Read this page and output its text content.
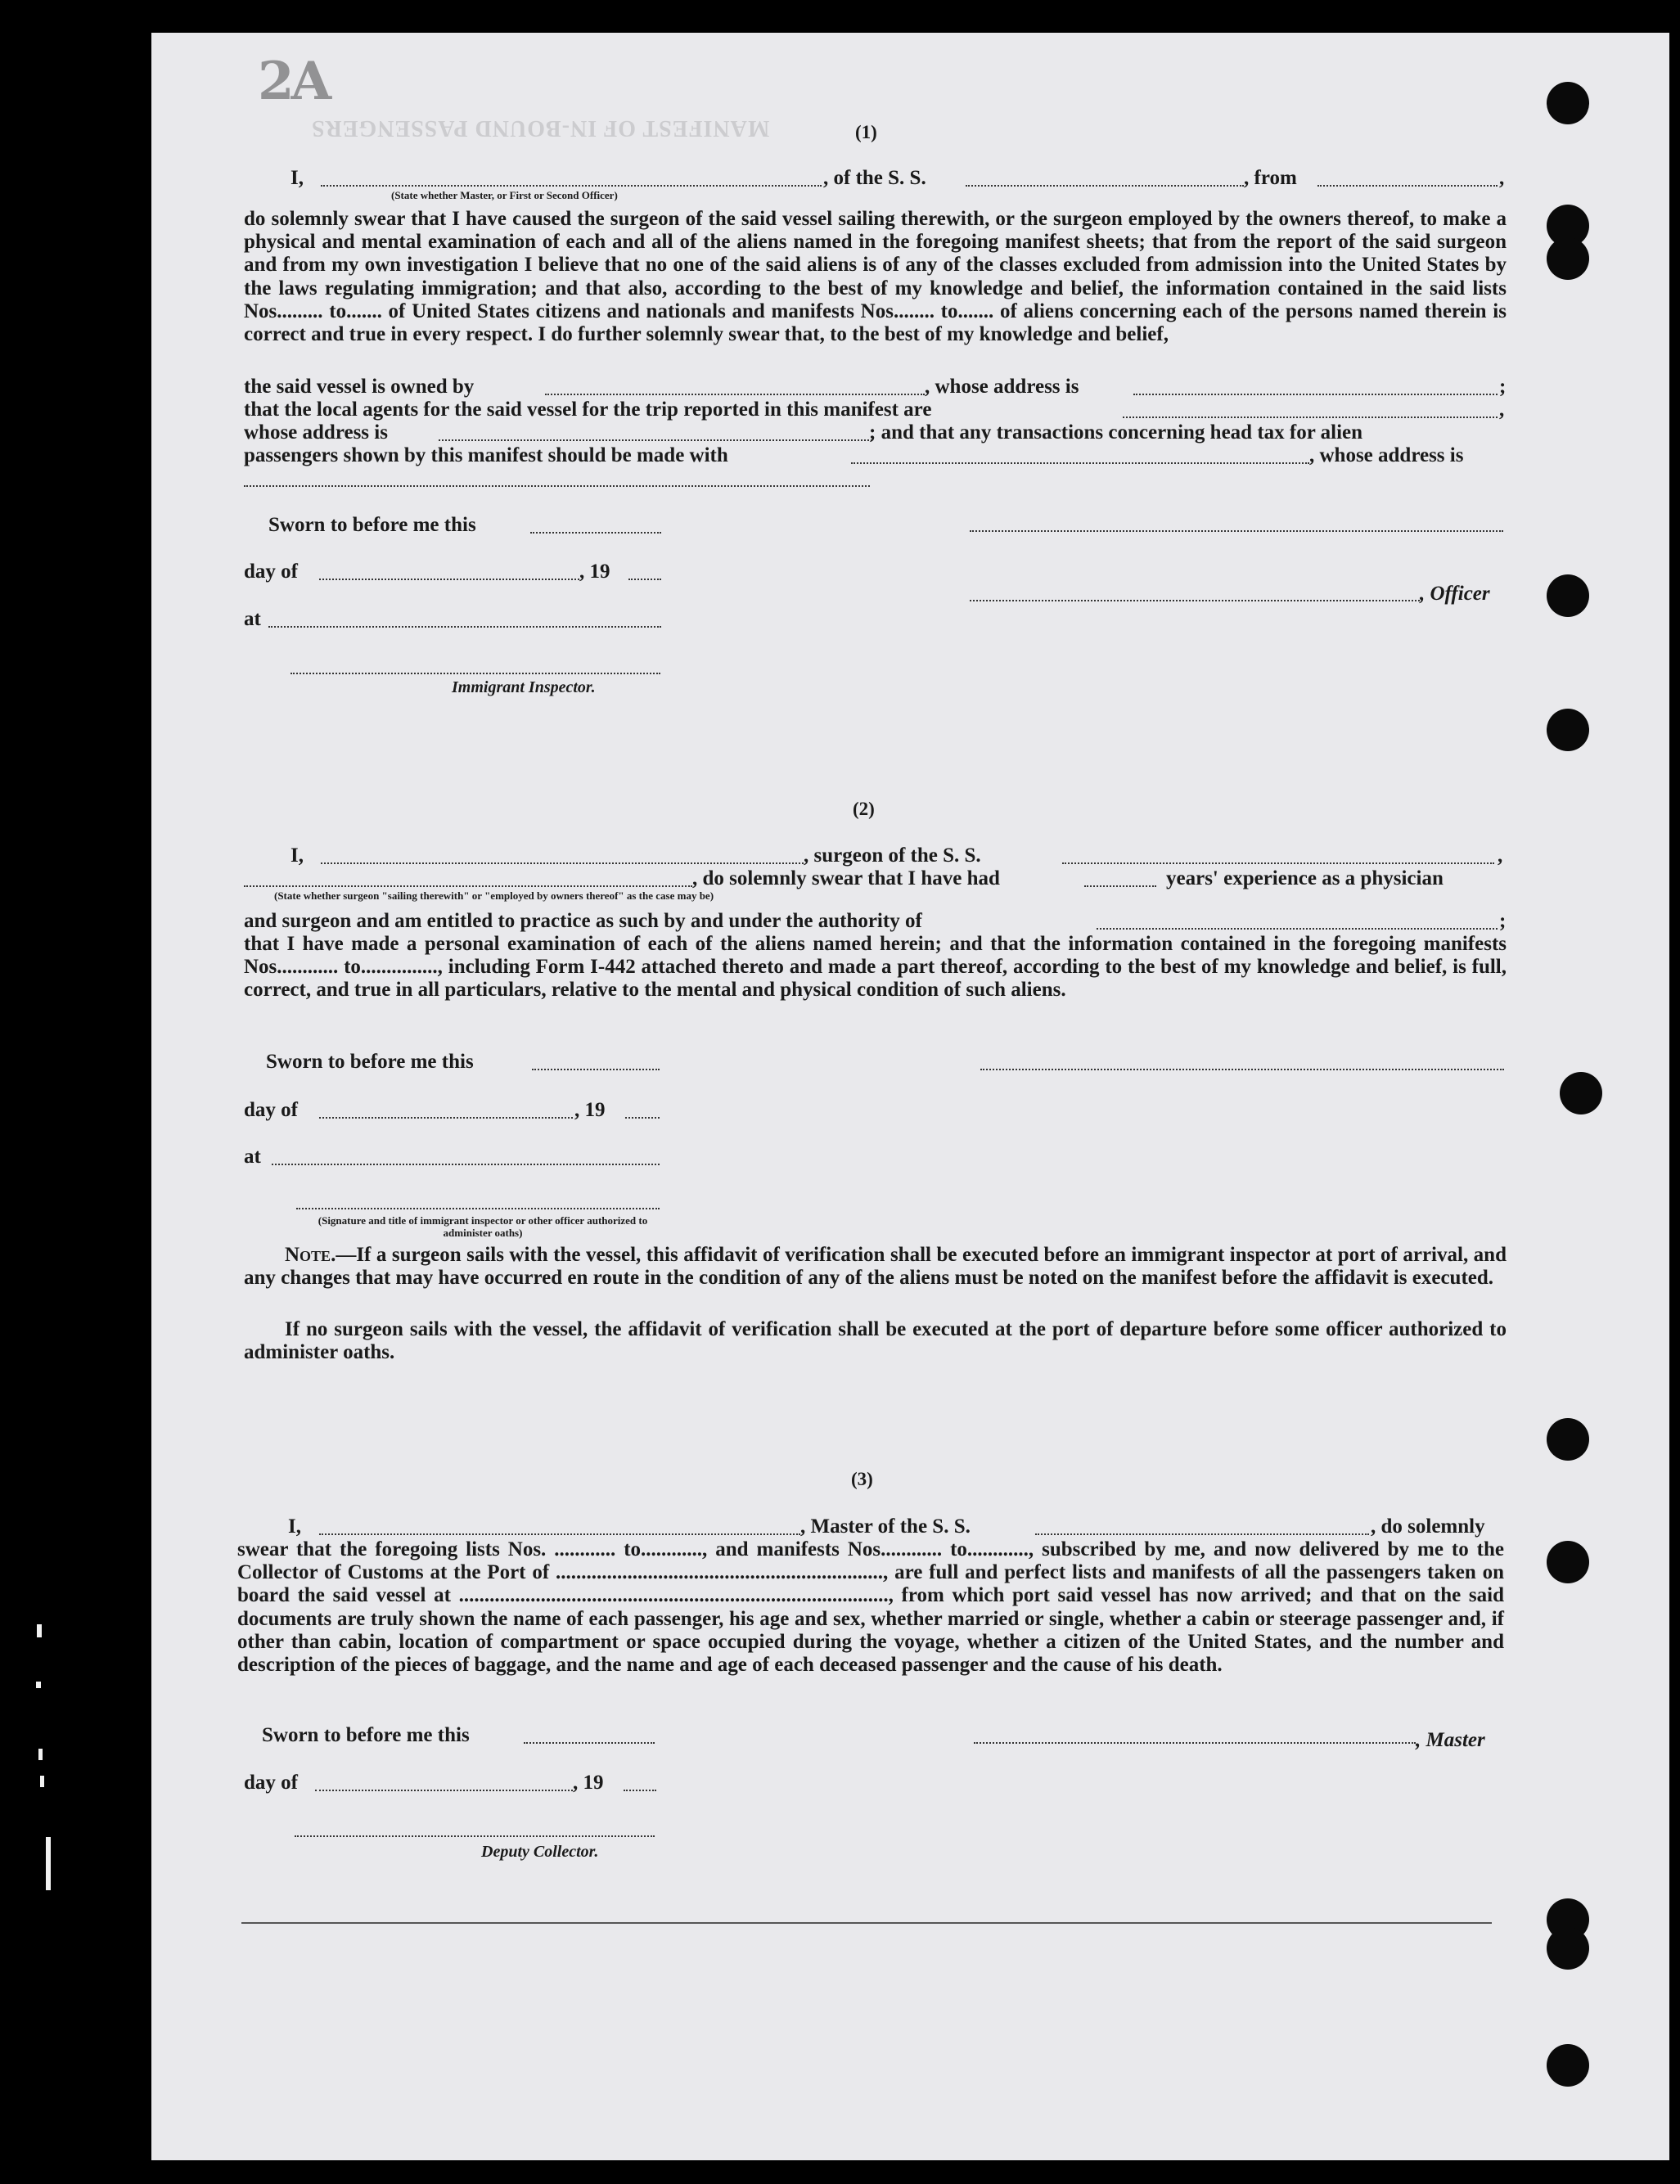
2A
MANIFEST OF IN-BOUND PASSENGERS	(1)
I,	, of the S. S.	, from	,
(State whether Master, or First or Second Officer)
do solemnly swear that I have caused the surgeon of the said vessel sailing therewith, or the surgeon employed by the owners thereof, to make a physical and mental examination of each and all of the aliens named in the foregoing manifest sheets; that from the report of the said surgeon and from my own investigation I believe that no one of the said aliens is of any of the classes excluded from admission into the United States by the laws regulating immigration; and that also, according to the best of my knowledge and belief, the information contained in the said lists Nos......... to....... of United States citizens and nationals and manifests Nos........ to....... of aliens concerning each of the persons named therein is correct and true in every respect. I do further solemnly swear that, to the best of my knowledge and belief,
the said vessel is owned by	, whose address is	;
that the local agents for the said vessel for the trip reported in this manifest are	,
whose address is	; and that any transactions concerning head tax for alien
passengers shown by this manifest should be made with	, whose address is
Sworn to before me this
day of	, 19
, Officer
at
Immigrant Inspector.
(2)
I,	, surgeon of the S. S.	,
, do solemnly swear that I have had	years' experience as a physician
(State whether surgeon "sailing therewith" or "employed by owners thereof" as the case may be)
and surgeon and am entitled to practice as such by and under the authority of	;
that I have made a personal examination of each of the aliens named herein; and that the information contained in the foregoing manifests Nos............ to..............., including Form I-442 attached thereto and made a part thereof, according to the best of my knowledge and belief, is full, correct, and true in all particulars, relative to the mental and physical condition of such aliens.
Sworn to before me this
day of	, 19
at
(Signature and title of immigrant inspector or other officer authorized to administer oaths)
Note.—If a surgeon sails with the vessel, this affidavit of verification shall be executed before an immigrant inspector at port of arrival, and any changes that may have occurred en route in the condition of any of the aliens must be noted on the manifest before the affidavit is executed.
If no surgeon sails with the vessel, the affidavit of verification shall be executed at the port of departure before some officer authorized to administer oaths.
(3)
I,	, Master of the S. S.	, do solemnly
swear that the foregoing lists Nos. ............ to............, and manifests Nos............ to............, subscribed by me, and now delivered by me to the Collector of Customs at the Port of ................................................................, are full and perfect lists and manifests of all the passengers taken on board the said vessel at ...................................................................................., from which port said vessel has now arrived; and that on the said documents are truly shown the name of each passenger, his age and sex, whether married or single, whether a cabin or steerage passenger and, if other than cabin, location of compartment or space occupied during the voyage, whether a citizen of the United States, and the number and description of the pieces of baggage, and the name and age of each deceased passenger and the cause of his death.
Sworn to before me this	, Master
day of	, 19
Deputy Collector.
